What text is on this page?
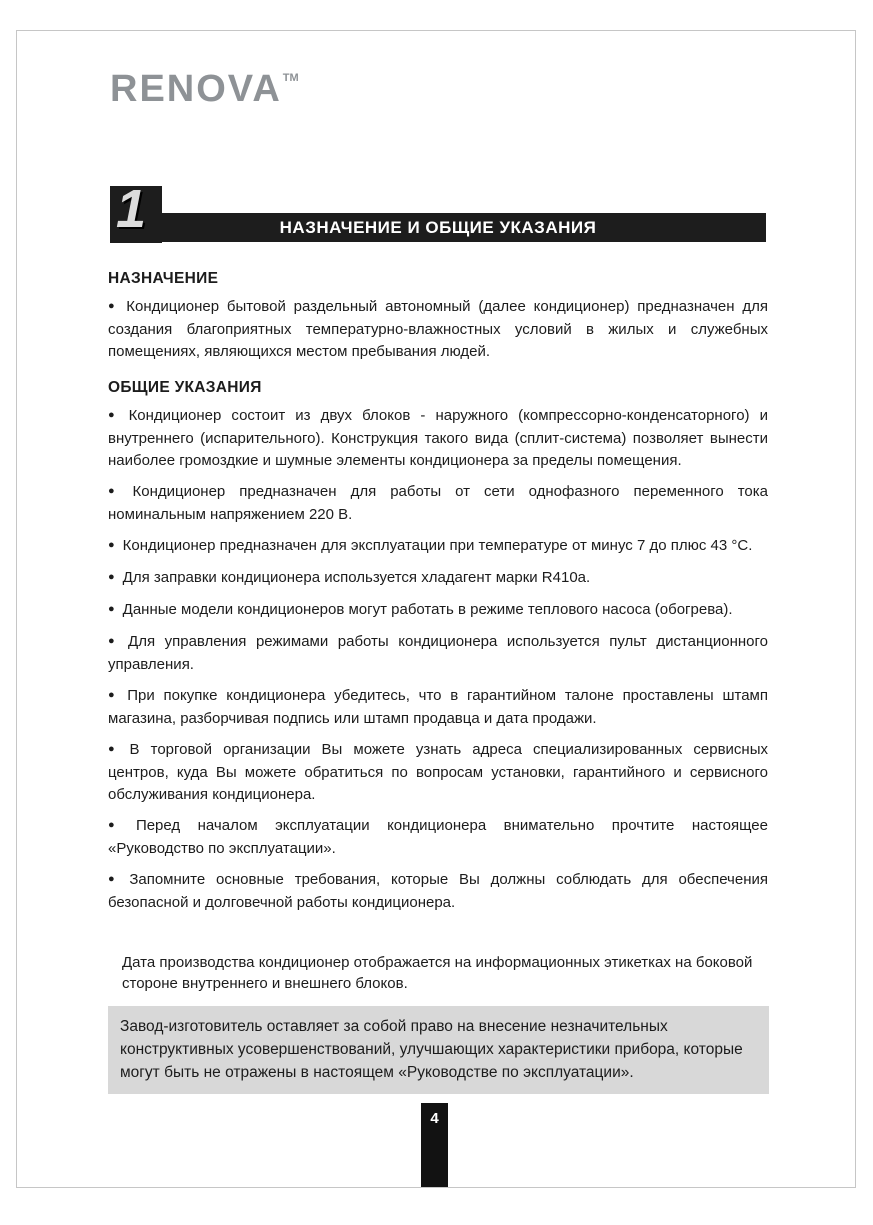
RENOVA™
НАЗНАЧЕНИЕ И ОБЩИЕ УКАЗАНИЯ
1
НАЗНАЧЕНИЕ

● Кондиционер бытовой раздельный автономный (далее кондиционер) предназначен для создания благоприятных температурно-влажностных условий в жилых и служебных помещениях, являющихся местом пребывания людей.

ОБЩИЕ УКАЗАНИЯ

● Кондиционер состоит из двух блоков - наружного (компрессорно-конденсаторного) и внутреннего (испарительного). Конструкция такого вида (сплит-система) позволяет вынести наиболее громоздкие и шумные элементы кондиционера за пределы помещения.

● Кондиционер предназначен для работы от сети однофазного переменного тока номинальным напряжением 220 В.

● Кондиционер предназначен для эксплуатации при температуре от минус 7 до плюс 43 °С.

● Для заправки кондиционера используется хладагент марки R410a.

● Данные модели кондиционеров могут работать в режиме теплового насоса (обогрева).

● Для управления режимами работы кондиционера используется пульт дистанционного управления.

● При покупке кондиционера убедитесь, что в гарантийном талоне проставлены штамп магазина, разборчивая подпись или штамп продавца и дата продажи.

● В торговой организации Вы можете узнать адреса специализированных сервисных центров, куда Вы можете обратиться по вопросам установки, гарантийного и сервисного обслуживания кондиционера.

● Перед началом эксплуатации кондиционера внимательно прочтите настоящее «Руководство по эксплуатации».

● Запомните основные требования, которые Вы должны соблюдать для обеспечения безопасной и долговечной работы кондиционера.

Дата производства кондиционер отображается на информационных этикетках на боковой стороне внутреннего и внешнего блоков.
Завод-изготовитель оставляет за собой право на внесение незначительных конструктивных усовершенствований, улучшающих характеристики прибора, которые могут быть не отражены в настоящем «Руководстве по эксплуатации».
4
